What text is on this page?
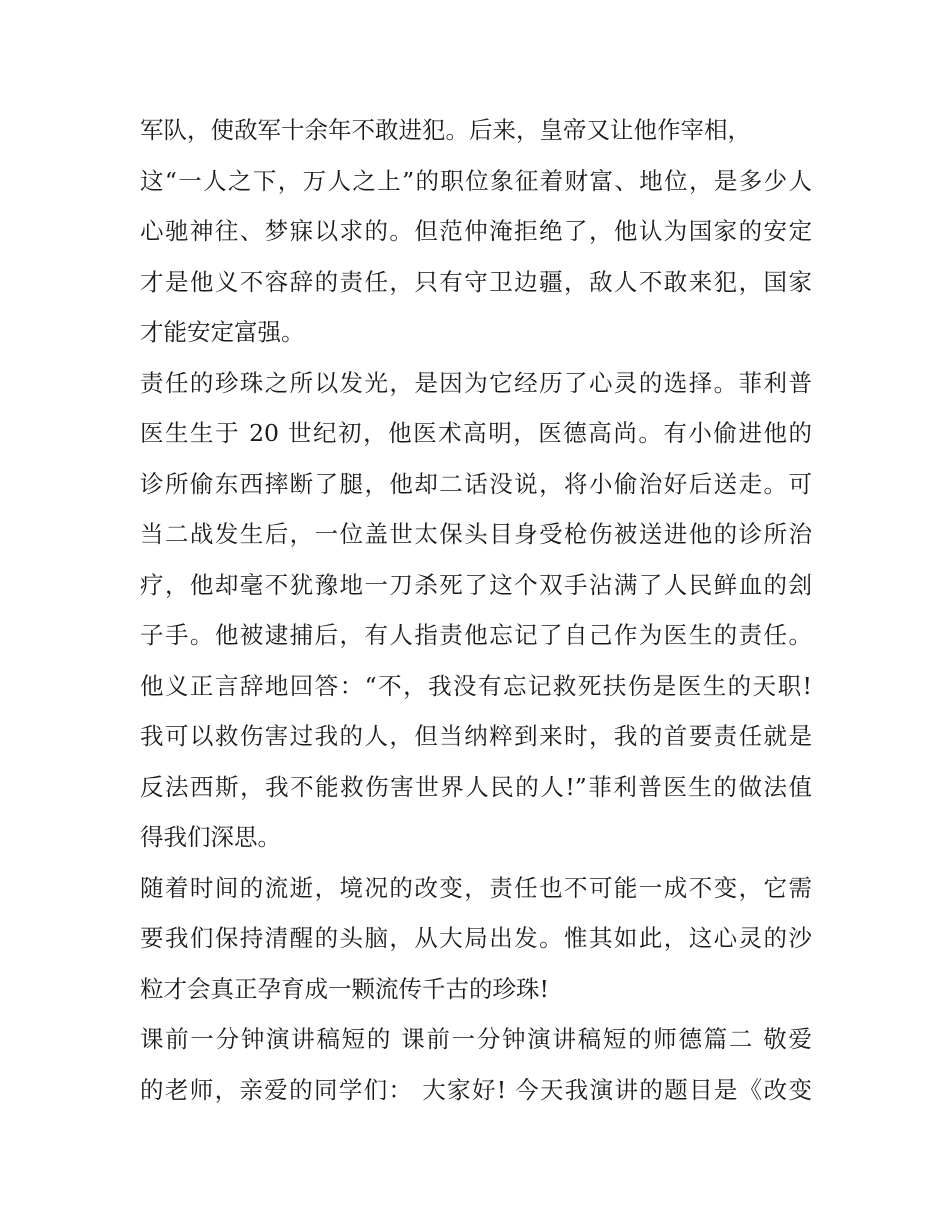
军队，使敌军十余年不敢进犯。后来，皇帝又让他作宰相，
这“一人之下，万人之上”的职位象征着财富、地位，是多少人
心驰神往、梦寐以求的。但范仲淹拒绝了，他认为国家的安定
才是他义不容辞的责任，只有守卫边疆，敌人不敢来犯，国家
才能安定富强。
责任的珍珠之所以发光，是因为它经历了心灵的选择。菲利普
医生生于 20 世纪初，他医术高明，医德高尚。有小偷进他的
诊所偷东西摔断了腿，他却二话没说，将小偷治好后送走。可
当二战发生后，一位盖世太保头目身受枪伤被送进他的诊所治
疗，他却毫不犹豫地一刀杀死了这个双手沾满了人民鲜血的刽
子手。他被逮捕后，有人指责他忘记了自己作为医生的责任。
他义正言辞地回答：“不，我没有忘记救死扶伤是医生的天职!
我可以救伤害过我的人，但当纳粹到来时，我的首要责任就是
反法西斯，我不能救伤害世界人民的人!”菲利普医生的做法值
得我们深思。
随着时间的流逝，境况的改变，责任也不可能一成不变，它需
要我们保持清醒的头脑，从大局出发。惟其如此，这心灵的沙
粒才会真正孕育成一颗流传千古的珍珠!
课前一分钟演讲稿短的 课前一分钟演讲稿短的师德篇二 敬爱
的老师，亲爱的同学们： 大家好! 今天我演讲的题目是《改变
